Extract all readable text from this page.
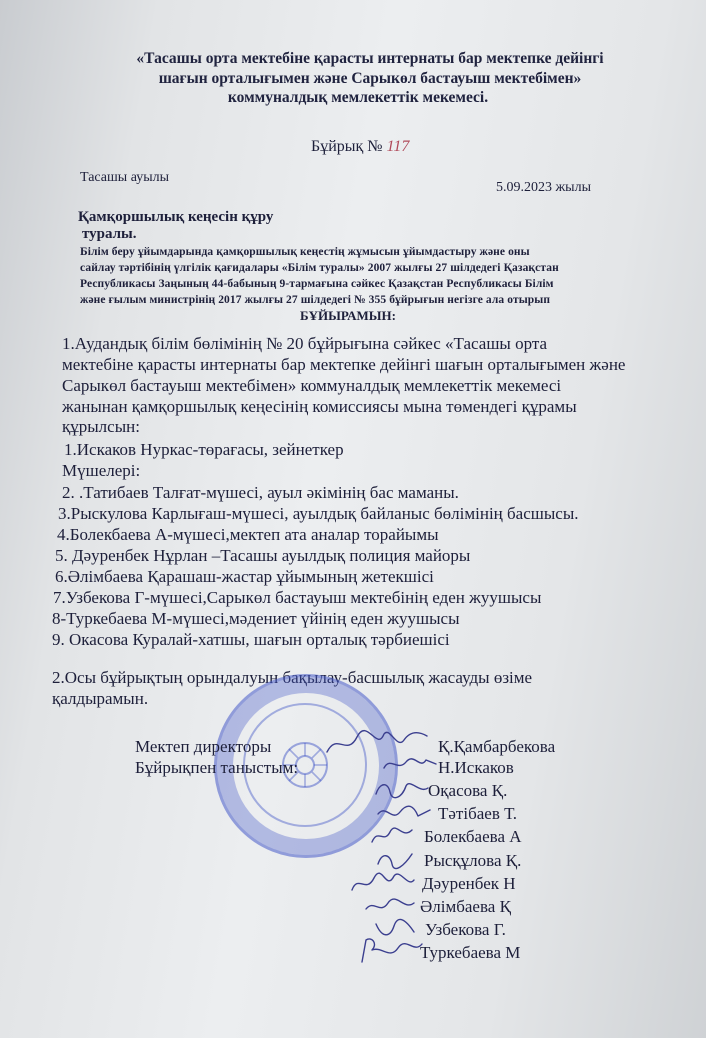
«Тасашы орта мектебіне қарасты интернаты бар мектепке дейінгі
шағын орталығымен және Сарыкөл бастауыш мектебімен»
коммуналдық мемлекеттік мекемесі.
Бұйрық № 117
Тасашы ауылы
5.09.2023 жылы
Қамқоршылық кеңесін құру
туралы.
Білім беру ұйымдарында қамқоршылық кеңестің жұмысын ұйымдастыру және оны
сайлау тәртібінің үлгілік қағидалары «Білім туралы» 2007 жылғы 27 шілдедегі Қазақстан
Республикасы Заңының 44-бабының 9-тармағына сәйкес Қазақстан Республикасы Білім
және ғылым министрінің 2017 жылғы 27 шілдедегі № 355 бұйрығын негізге ала отырып
БҰЙЫРАМЫН:
1.Аудандық білім бөлімінің № 20 бұйрығына сәйкес «Тасашы орта
мектебіне қарасты интернаты бар мектепке дейінгі шағын орталығымен және
Сарыкөл бастауыш мектебімен» коммуналдық мемлекеттік мекемесі
жанынан қамқоршылық кеңесінің комиссиясы мына төмендегі құрамы
құрылсын:
1.Искаков Нуркас-төрағасы, зейнеткер
Мүшелері:
2. .Татибаев Талғат-мүшесі, ауыл әкімінің бас маманы.
3.Рыскулова Карлығаш-мүшесі, ауылдық байланыс бөлімінің басшысы.
4.Болекбаева А-мүшесі,мектеп ата аналар торайымы
5. Дәуренбек Нұрлан –Тасашы ауылдық полиция майоры
6.Әлімбаева Қарашаш-жастар ұйымының жетекшісі
7.Узбекова Г-мүшесі,Сарыкөл бастауыш мектебінің еден жуушысы
8-Туркебаева М-мүшесі,мәдениет үйінің еден жуушысы
9. Окасова Куралай-хатшы, шағын орталық тәрбиешісі
2.Осы бұйрықтың орындалуын бақылау-басшылық жасауды өзіме
қалдырамын.
Мектеп директоры	Қ.Қамбарбекова
Бұйрықпен таныстым:	Н.Искаков
Оқасова Қ.
Тәтібаев Т.
Болекбаева А
Рысқұлова Қ.
Дәуренбек Н
Әлімбаева Қ
Узбекова Г.
Туркебаева М
